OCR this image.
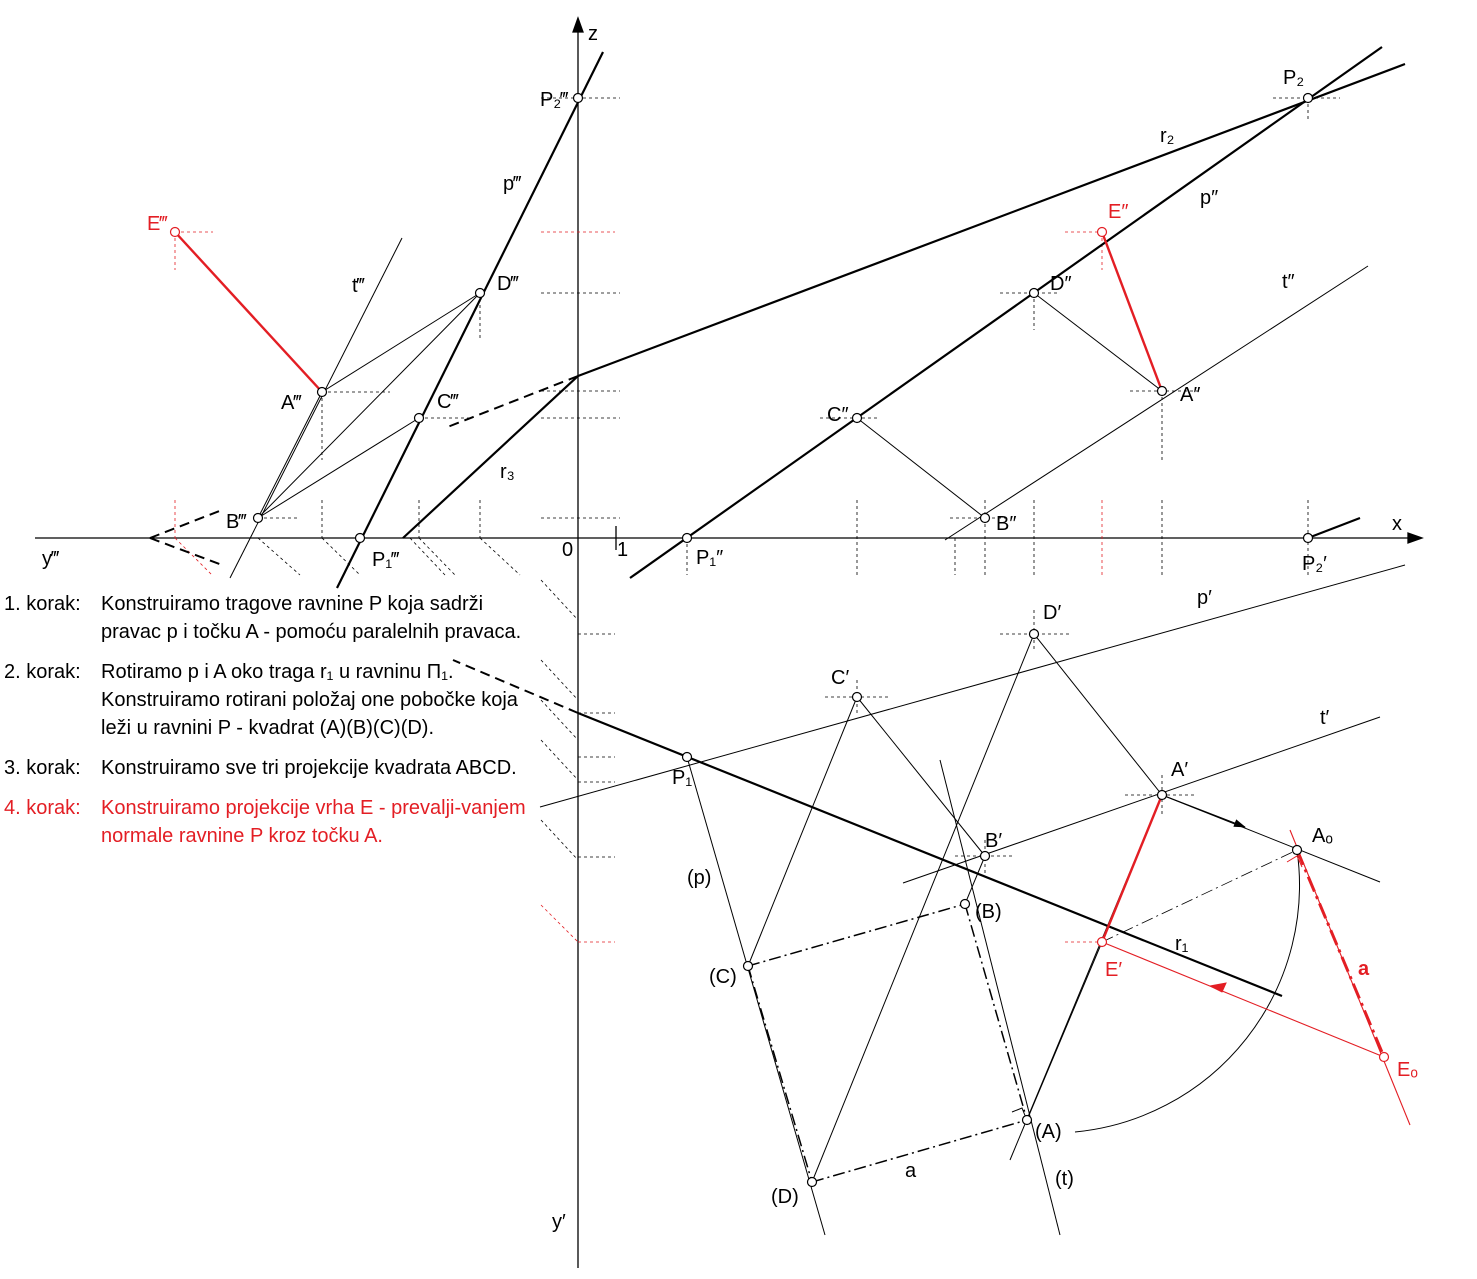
z
x
y‴
y′
0 1
P₂‴
E‴
D‴
A‴	C‴
B‴
P₁‴
P₂
E″
D″
C″
A″
B″
P₁″	P₂′
D′
C′
A′
B′
P₁
E′
Aₒ
Eₒ
(B)
(C)
(D)
(A)
p‴
t‴
r₂
p″
t″
r₃
p′
t′
r₁
(p)
(t)
a
a
1. korak:	Konstruiramo tragove ravnine P koja sadrži pravac p i točku A - pomoću paralelnih pravaca.
2. korak:	Rotiramo p i A oko traga r₁ u ravninu Π₁. Konstruiramo rotirani položaj one pobočke koja leži u ravnini P - kvadrat (A)(B)(C)(D).
3. korak:	Konstruiramo sve tri projekcije kvadrata ABCD.
4. korak:	Konstruiramo projekcije vrha E - prevalji-vanjem normale ravnine P kroz točku A.
